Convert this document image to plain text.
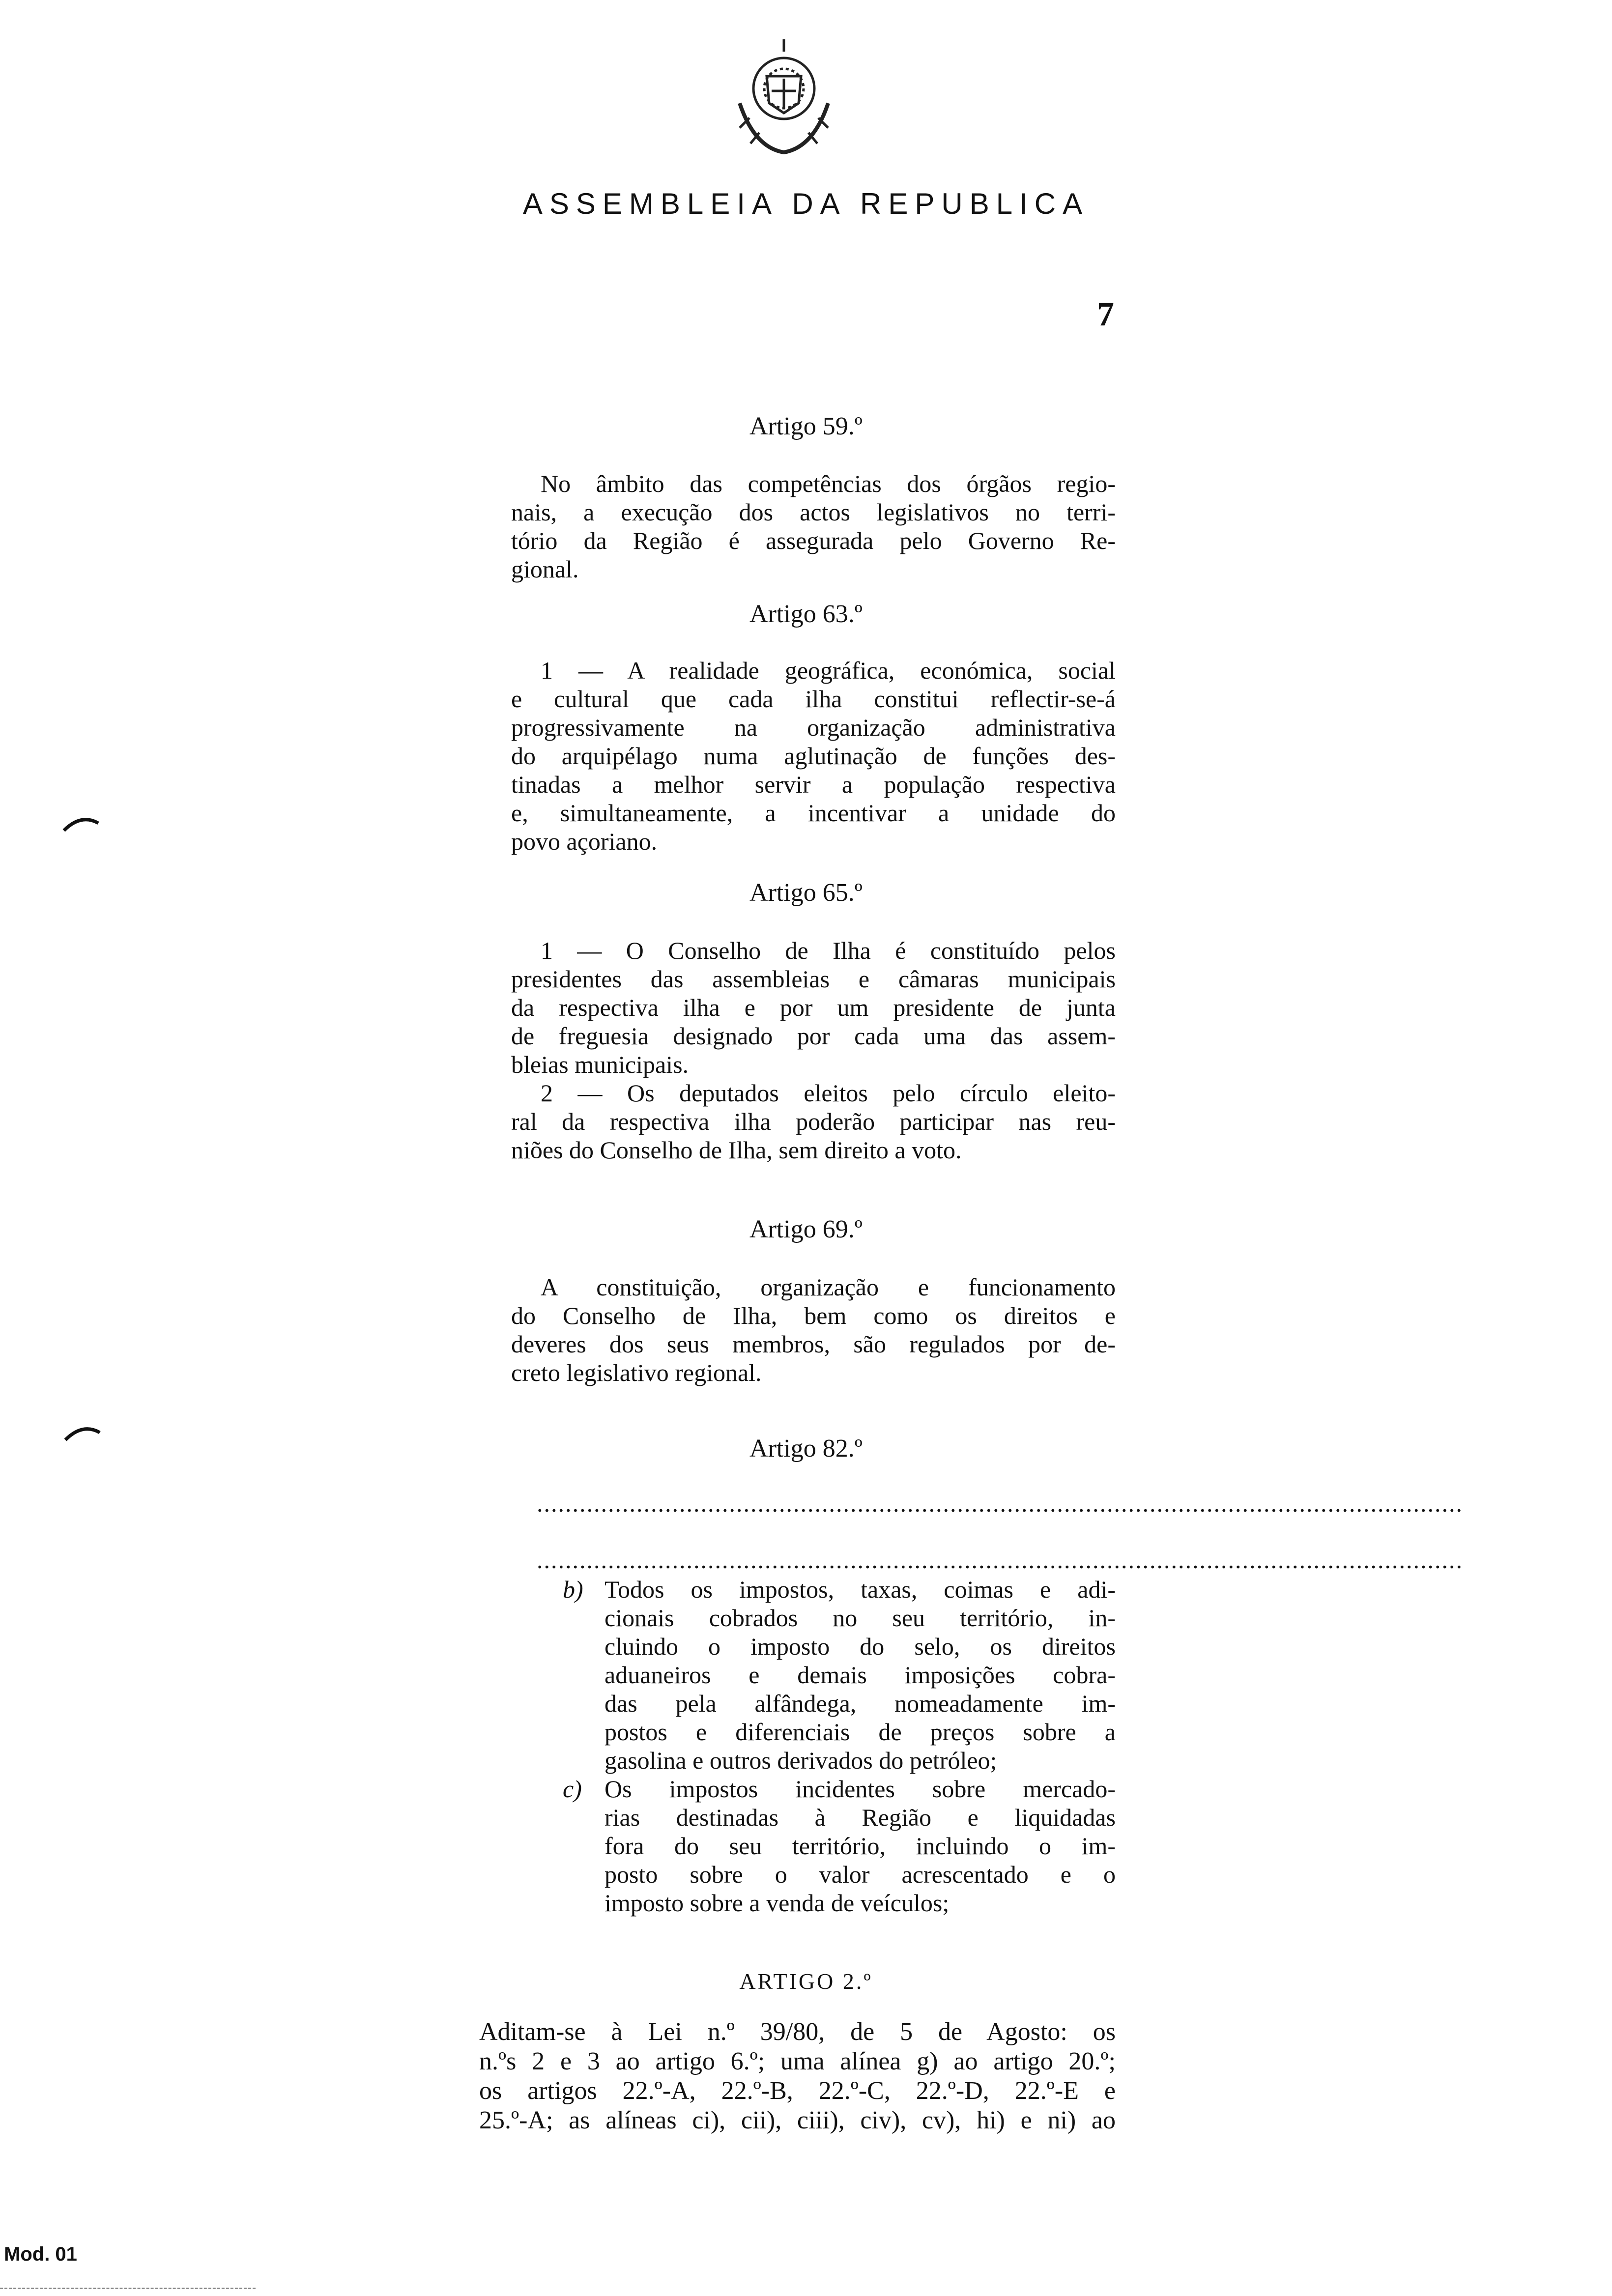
ASSEMBLEIA DA REPUBLICA
7
Artigo 59.º
No âmbito das competências dos órgãos regio-
nais, a execução dos actos legislativos no terri-
tório da Região é assegurada pelo Governo Re-
gional.
Artigo 63.º
1 — A realidade geográfica, económica, social
e cultural que cada ilha constitui reflectir-se-á
progressivamente na organização administrativa
do arquipélago numa aglutinação de funções des-
tinadas a melhor servir a população respectiva
e, simultaneamente, a incentivar a unidade do
povo açoriano.
Artigo 65.º
1 — O Conselho de Ilha é constituído pelos
presidentes das assembleias e câmaras municipais
da respectiva ilha e por um presidente de junta
de freguesia designado por cada uma das assem-
bleias municipais.
2 — Os deputados eleitos pelo círculo eleito-
ral da respectiva ilha poderão participar nas reu-
niões do Conselho de Ilha, sem direito a voto.
Artigo 69.º
A constituição, organização e funcionamento
do Conselho de Ilha, bem como os direitos e
deveres dos seus membros, são regulados por de-
creto legislativo regional.
Artigo 82.º
..................................................................................................................................
..................................................................................................................................
b) Todos os impostos, taxas, coimas e adi-
cionais cobrados no seu território, in-
cluindo o imposto do selo, os direitos
aduaneiros e demais imposições cobra-
das pela alfândega, nomeadamente im-
postos e diferenciais de preços sobre a
gasolina e outros derivados do petróleo;
c) Os impostos incidentes sobre mercado-
rias destinadas à Região e liquidadas
fora do seu território, incluindo o im-
posto sobre o valor acrescentado e o
imposto sobre a venda de veículos;
ARTIGO 2.º
Aditam-se à Lei n.º 39/80, de 5 de Agosto: os
n.ºs 2 e 3 ao artigo 6.º; uma alínea g) ao artigo 20.º;
os artigos 22.º-A, 22.º-B, 22.º-C, 22.º-D, 22.º-E e
25.º-A; as alíneas ci), cii), ciii), civ), cv), hi) e ni) ao
Mod. 01
